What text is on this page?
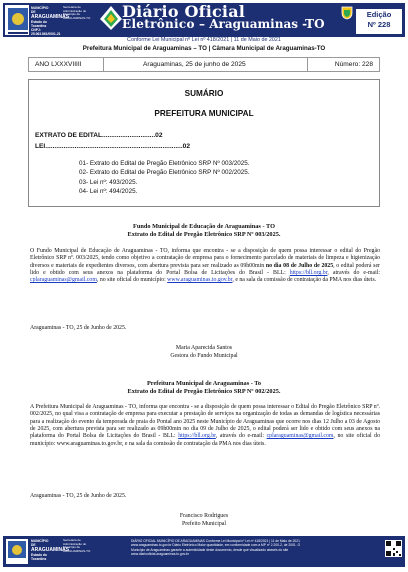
MUNICÍPIO
DE
ARAGUAMINAS
Estado do Tocantins
CNPJ: 25.063.861/0001-21
Secretaria de
Administração do
Município de
ARAGUAMINAS-TO	Diário Oficial
Eletrônico – Araguaminas -TO
Edição
Nº 228
Conforme Lei Municipal nº Lei nº 418/2021 | 11 de Maio de 2021
Prefeitura Municipal de Araguaminas – TO | Câmara Municipal de Araguaminas-TO
ANO LXXXVIIIII	Araguaminas, 25 de junho de 2025	Número: 228
SUMÁRIO
PREFEITURA MUNICIPAL
EXTRATO DE EDITAL.............................02
LEI...........................................................................02
01- Extrato do Edital de Pregão Eletrônico SRP Nº 003/2025.
02- Extrato do Edital de Pregão Eletrônico SRP Nº 002/2025.
03- Lei nº: 493/2025.
04- Lei nº: 494/2025.
Fundo Municipal de Educação de Araguaminas - TO
Extrato do Edital de Pregão Eletrônico SRP Nº 003/2025.
O Fundo Municipal de Educação de Araguaminas - TO, informa que encontra - se a disposição de quem possa interessar o edital do Pregão Eletrônico SRP nº. 003/2025, tendo como objetivo a contratação de empresa para o fornecimento parcelado de materiais de limpeza e higienização diversos e materiais de expedientes diversos, com abertura prevista para ser realizado as 09h00min no dia 08 de Julho de 2025, o edital poderá ser lido e obtido com seus anexos na plataforma do Portal Bolsa de Licitações do Brasil - BLL: https://bll.org.br, através do e-mail: cplaraguaminas@gmail.com, no site oficial do município: www.araguaminas.to.gov.br, e na sala da comissão de contratação da PMA nos dias úteis.
Araguaminas - TO, 25 de Junho de 2025.
Maria Aparecida Santos
Gestora do Fundo Municipal
Prefeitura Municipal de Araguaminas - To
Extrato do Edital de Pregão Eletrônico SRP Nº 002/2025.
A Prefeitura Municipal de Araguaminas - TO, informa que encontra - se a disposição de quem possa interessar o Edital do Pregão Eletrônico SRP nº. 002/2025, no qual visa a contratação de empresa para executar a prestação de serviços na organização de todas as demandas de logística necessárias para a realização do evento da temporada de praia do Pontal ano 2025 neste Município de Araguaminas que ocorre nos dias 12 Julho a 03 de Agosto de 2025, com abertura prevista para ser realizado as 09h00min no dia 09 de Julho de 2025, o edital poderá ser lido e obtido com seus anexos na plataforma do Portal Bolsa de Licitações do Brasil - BLL: https://bll.org.br, através do e-mail: cplaraguaminas@gmail.com, no site oficial do município: www.araguaminas.to.gov.br, e na sala da comissão de contratação da PMA nos dias úteis.
Araguaminas - TO, 25 de Junho de 2025.
Francisco Rodrigues
Prefeito Municipal
MUNICÍPIO
DE
ARAGUAMINAS
Estado do Tocantins
Secretaria de
Administração do
Município de
ARAGUAMINAS-TO
DIÁRIO OFICIAL MUNICÍPIO DE ARAGUAMINAS Conforme Lei Municipal nº Lei nº 418/2021 | 11 de Maio de 2021
www.araguaminas.to.gov.br Diário Eletrônico Maior quantidade, em conformidade com a MP nº 2.200-2, de 2001. O
Município de Araguaminas garante a autenticidade deste documento, desde que visualizado através do site
www.diariooficial.araguaminas.to.gov.br
